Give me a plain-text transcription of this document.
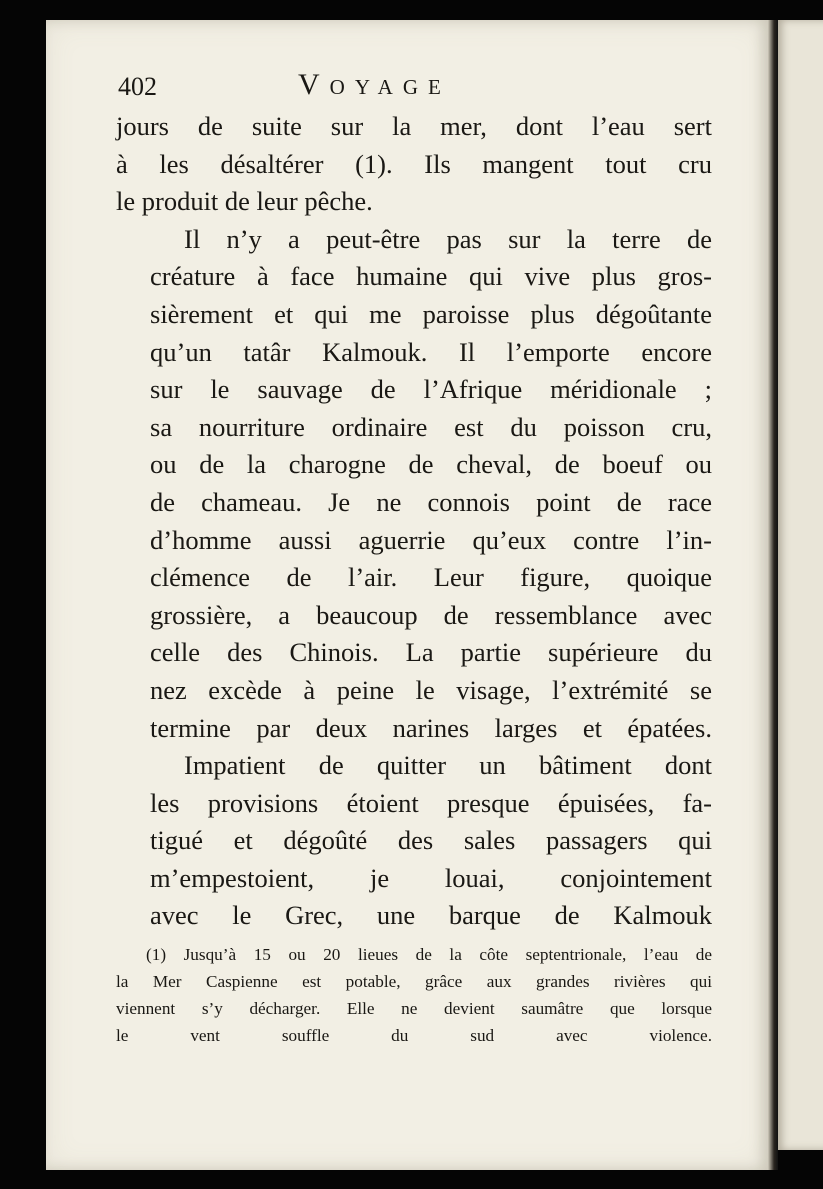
402	Voyage

jours de suite sur la mer, dont l’eau sert
à les désaltérer (1). Ils mangent tout cru
le produit de leur pêche.

Il n’y a peut-être pas sur la terre de
créature à face humaine qui vive plus gros-
sièrement et qui me paroisse plus dégoûtante
qu’un tatâr Kalmouk. Il l’emporte encore
sur le sauvage de l’Afrique méridionale ;
sa nourriture ordinaire est du poisson cru,
ou de la charogne de cheval, de boeuf ou
de chameau. Je ne connois point de race
d’homme aussi aguerrie qu’eux contre l’in-
clémence de l’air. Leur figure, quoique
grossière, a beaucoup de ressemblance avec
celle des Chinois. La partie supérieure du
nez excède à peine le visage, l’extrémité se
termine par deux narines larges et épatées.

Impatient de quitter un bâtiment dont
les provisions étoient presque épuisées, fa-
tigué et dégoûté des sales passagers qui
m’empestoient, je louai, conjointement
avec le Grec, une barque de Kalmouk

(1) Jusqu’à 15 ou 20 lieues de la côte septentrionale, l’eau de
la Mer Caspienne est potable, grâce aux grandes rivières qui
viennent s’y décharger. Elle ne devient saumâtre que lorsque
le vent souffle du sud avec violence.
